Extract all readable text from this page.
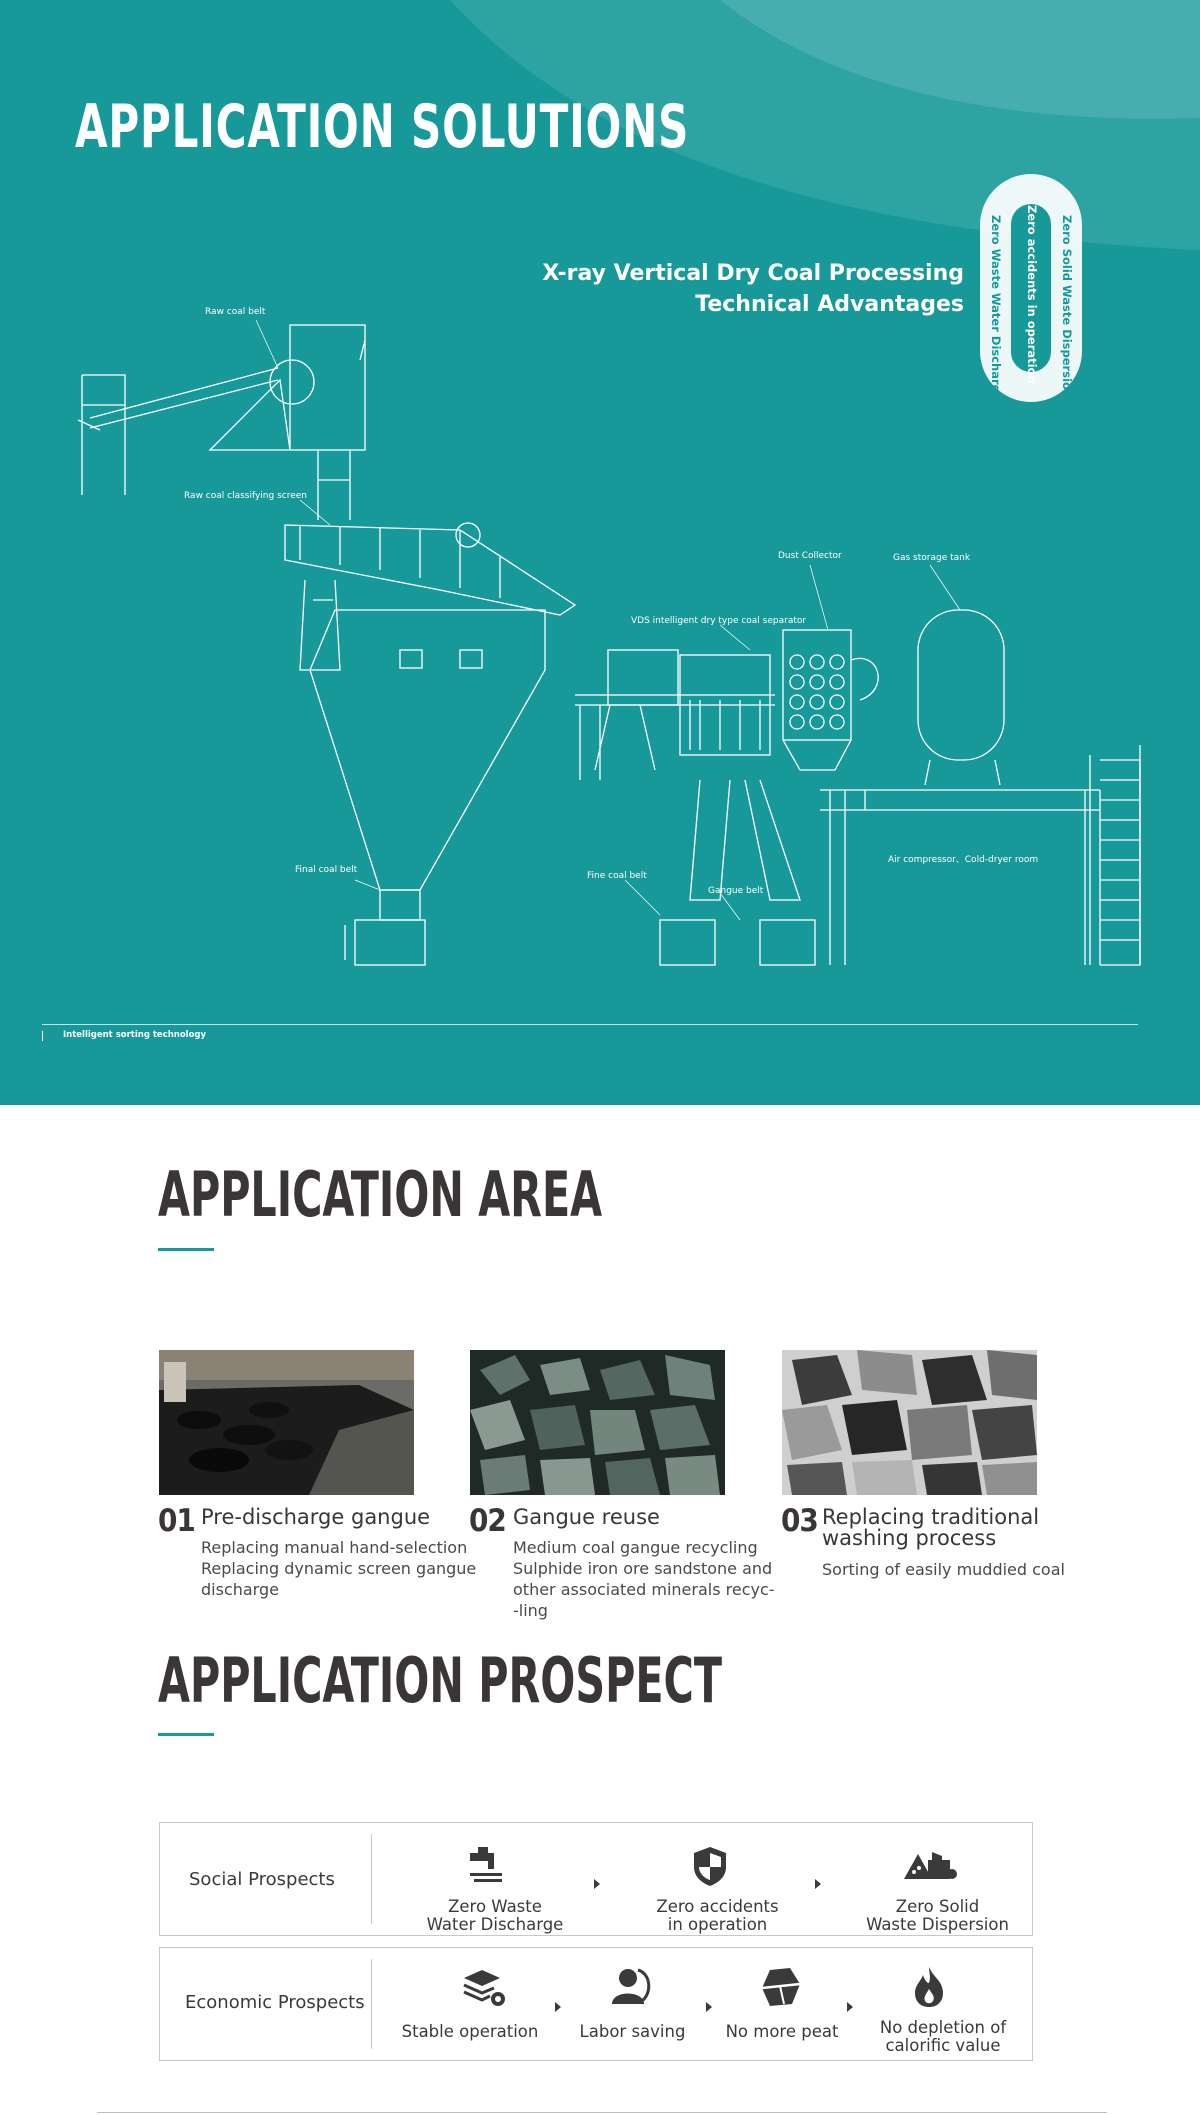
APPLICATION SOLUTIONS
X-ray Vertical Dry Coal Processing
Technical Advantages	Zero Solid Waste Dispersion
Zero accidents in operation
Zero Waste Water Discharge
Raw coal belt
Raw coal classifying screen
Dust Collector	Gas storage tank
VDS intelligent dry type coal separator
Air compressor、Cold-dryer room
Final coal belt
Fine coal belt
Gangue belt
Intelligent sorting technology
APPLICATION AREA
01 Pre-discharge gangue
Replacing manual hand-selection
Replacing dynamic screen gangue
discharge
02 Gangue reuse
Medium coal gangue recycling
Sulphide iron ore sandstone and
other associated minerals recyc-
-ling
03 Replacing traditional
washing process
Sorting of easily muddied coal
APPLICATION PROSPECT
Social Prospects
Zero Waste
Water Discharge
Zero accidents
in operation
Zero Solid
Waste Dispersion
Economic Prospects
Stable operation	Labor saving	No more peat	No depletion of
calorific value
